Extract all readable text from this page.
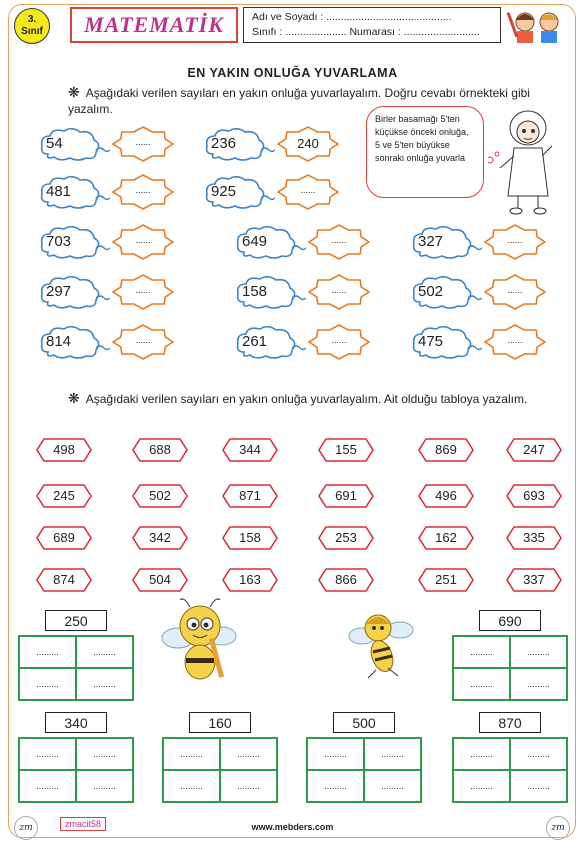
3.
Sınıf	MATEMATİK	Adı ve Soyadı : ...........................................
Sınıfı : ..................... Numarası : ..........................
EN YAKIN ONLUĞA YUVARLAMA
❋ Aşağıdaki verilen sayıları en yakın onluğa yuvarlayalım. Doğru cevabı örnekteki gibi yazalım.
54	......	236	240
481	......	925	......
703	......	649	......	327	......
297	......	158	......	502	......
814	......	261	......	475	......
Birler basamağı 5'ten küçükse önceki onluğa, 5 ve 5'ten büyükse sonraki onluğa yuvarla
❋ Aşağıdaki verilen sayıları en yakın onluğa yuvarlayalım. Ait olduğu tabloya yazalım.
498	688	344	155	869	247
245	502	871	691	496	693
689	342	158	253	162	335
874	504	163	866	251	337
250
.........	.........
.........	.........
690
.........	.........
.........	.........
340
.........	.........
.........	.........
160
.........	.........
.........	.........
500
.........	.........
.........	.........
870
.........	.........
.........	.........
zm	zmacit58	www.mebders.com	zm
